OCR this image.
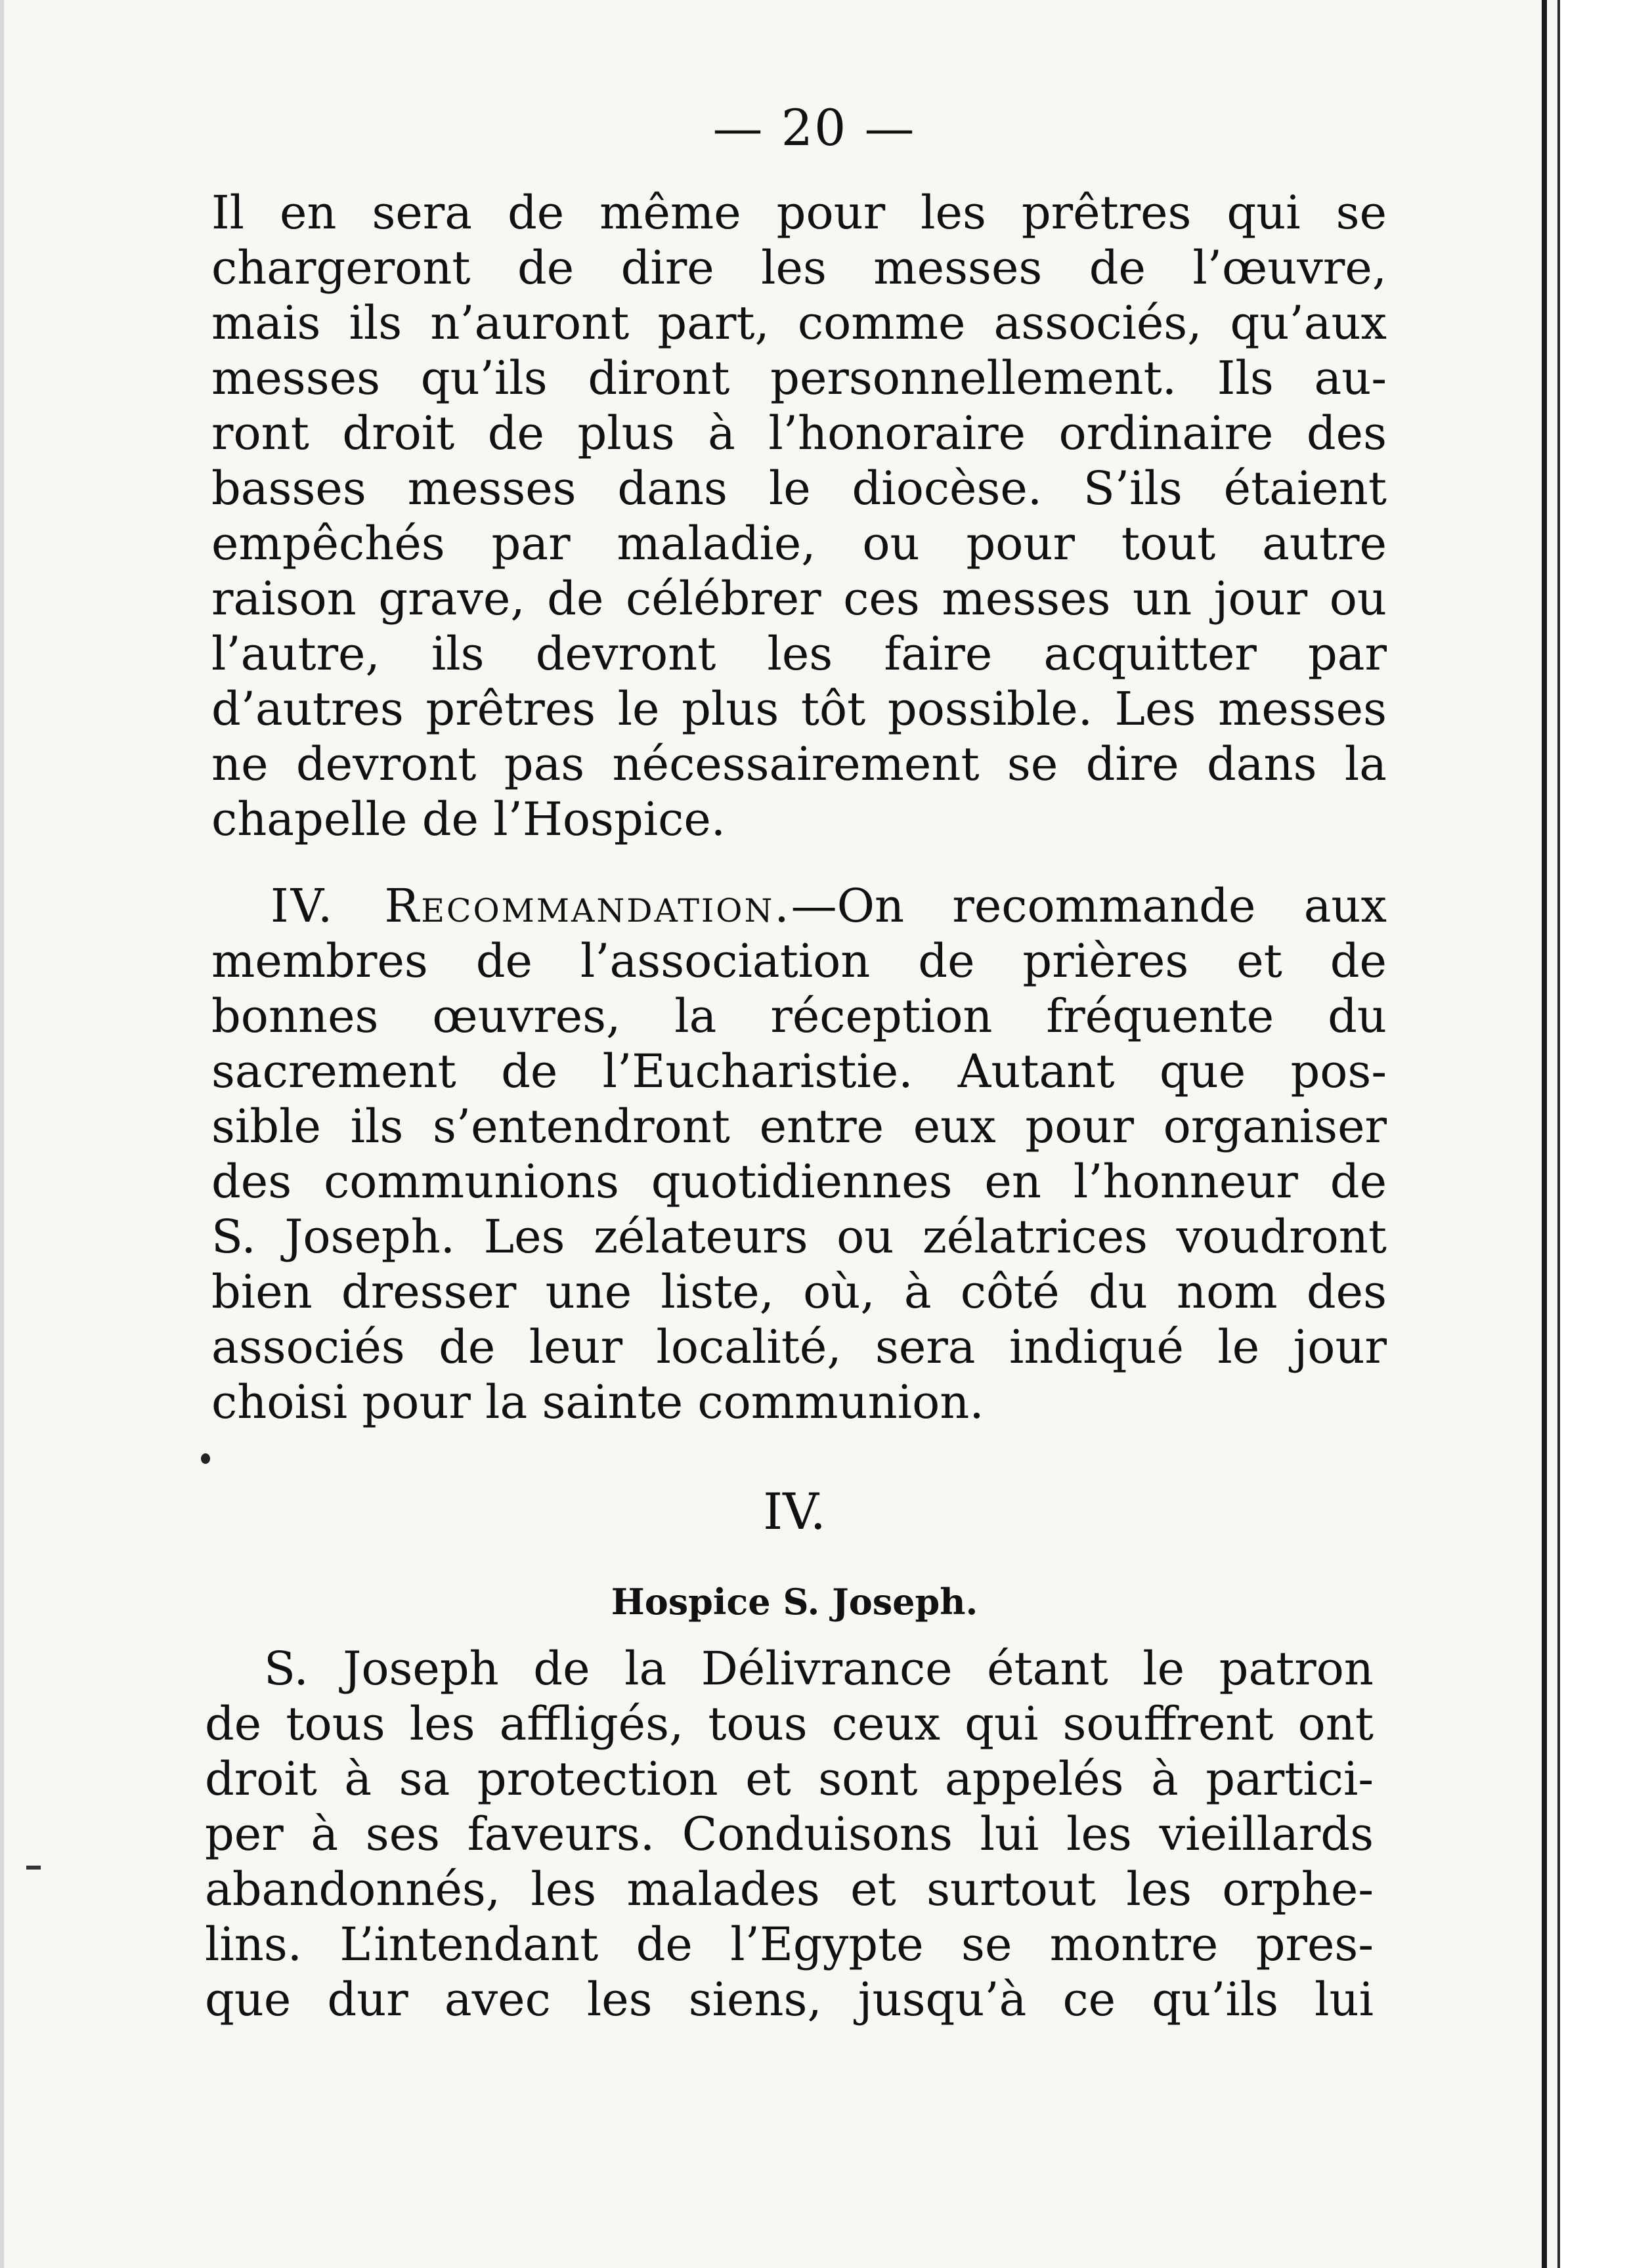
— 20 —
Il en sera de même pour les prêtres qui se
chargeront de dire les messes de l’œuvre,
mais ils n’auront part, comme associés, qu’aux
messes qu’ils diront personnellement. Ils au-
ront droit de plus à l’honoraire ordinaire des
basses messes dans le diocèse. S’ils étaient
empêchés par maladie, ou pour tout autre
raison grave, de célébrer ces messes un jour ou
l’autre, ils devront les faire acquitter par
d’autres prêtres le plus tôt possible. Les messes
ne devront pas nécessairement se dire dans la
chapelle de l’Hospice.
IV. Recommandation.—On recommande aux
membres de l’association de prières et de
bonnes œuvres, la réception fréquente du
sacrement de l’Eucharistie. Autant que pos-
sible ils s’entendront entre eux pour organiser
des communions quotidiennes en l’honneur de
S. Joseph. Les zélateurs ou zélatrices voudront
bien dresser une liste, où, à côté du nom des
associés de leur localité, sera indiqué le jour
choisi pour la sainte communion.
IV.
Hospice S. Joseph.
S. Joseph de la Délivrance étant le patron
de tous les affligés, tous ceux qui souffrent ont
droit à sa protection et sont appelés à partici-
per à ses faveurs. Conduisons lui les vieillards
abandonnés, les malades et surtout les orphe-
lins. L’intendant de l’Egypte se montre pres-
que dur avec les siens, jusqu’à ce qu’ils lui
